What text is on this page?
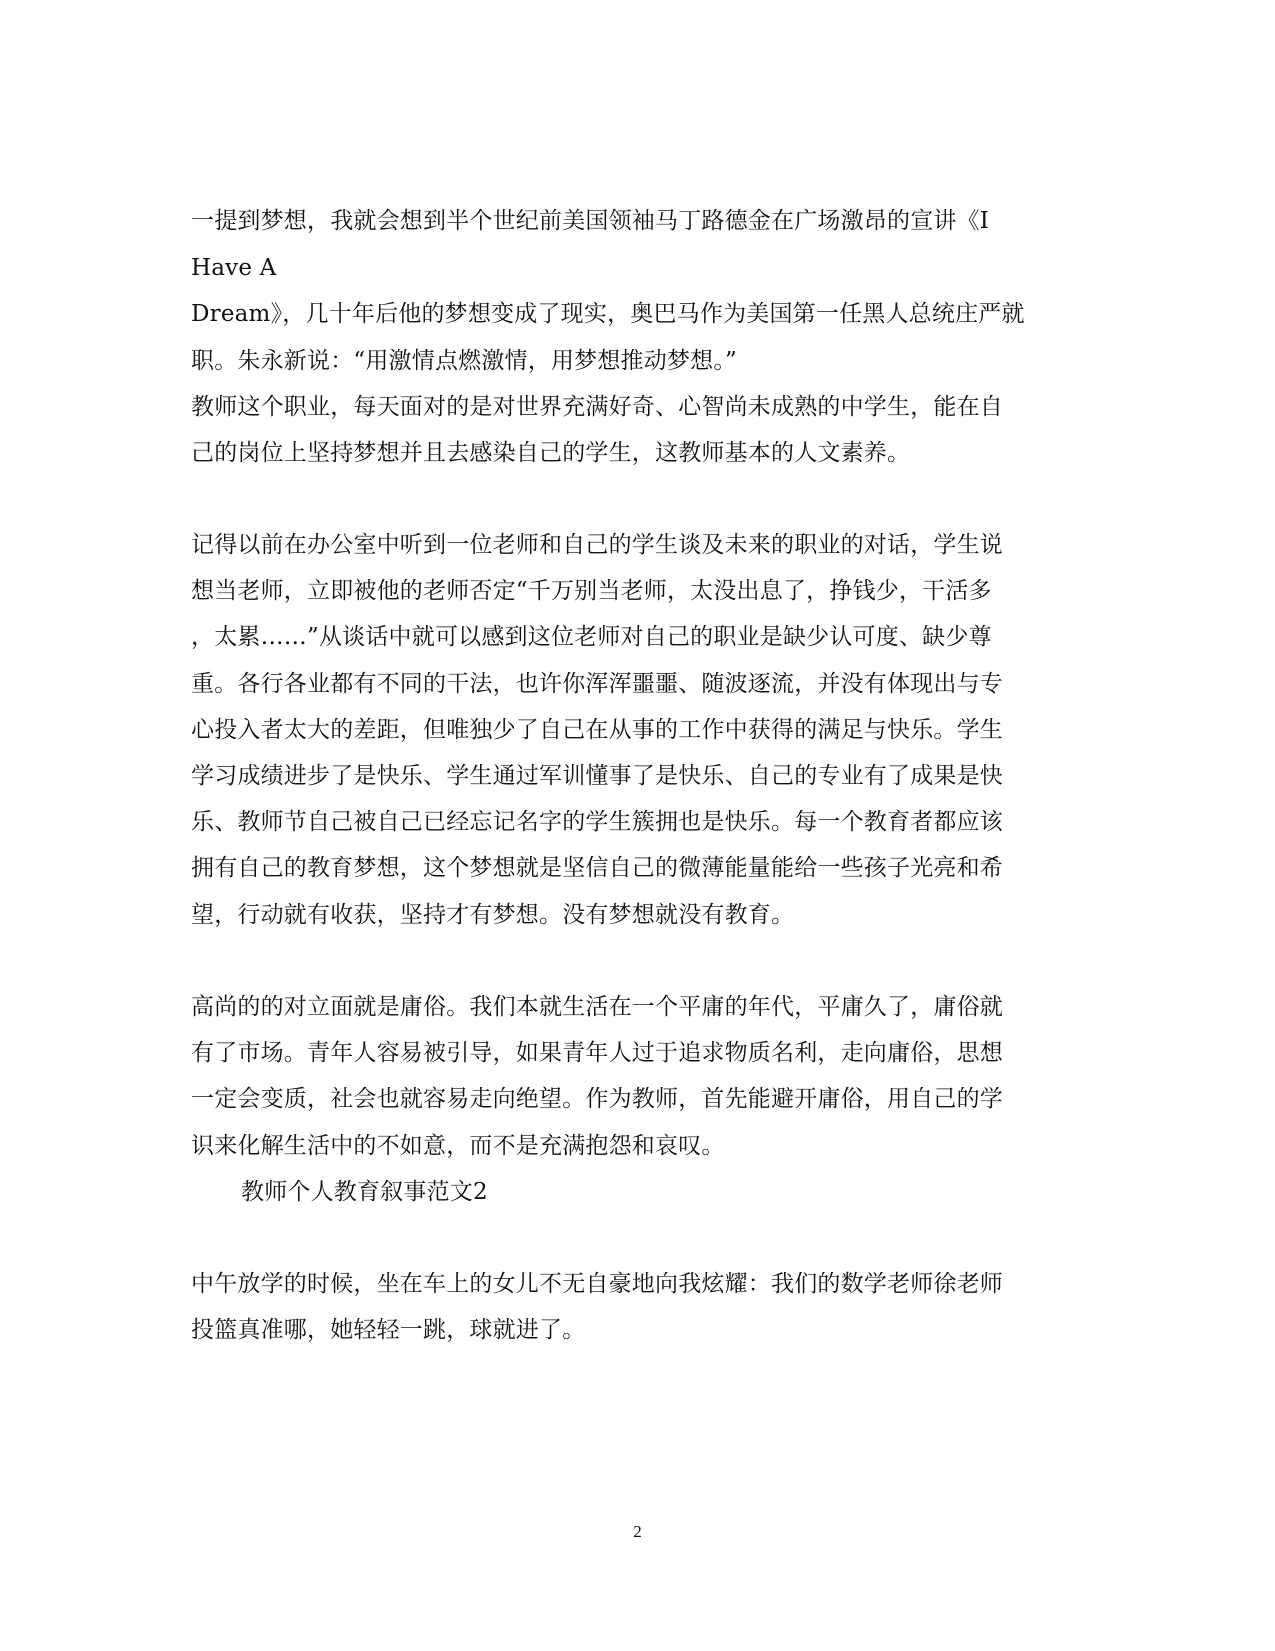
一提到梦想，我就会想到半个世纪前美国领袖马丁路德金在广场激昂的宣讲《I
Have A
Dream》，几十年后他的梦想变成了现实，奥巴马作为美国第一任黑人总统庄严就
职。朱永新说：“用激情点燃激情，用梦想推动梦想。”
教师这个职业，每天面对的是对世界充满好奇、心智尚未成熟的中学生，能在自
己的岗位上坚持梦想并且去感染自己的学生，这教师基本的人文素养。
记得以前在办公室中听到一位老师和自己的学生谈及未来的职业的对话，学生说
想当老师，立即被他的老师否定“千万别当老师，太没出息了，挣钱少，干活多
，太累……”从谈话中就可以感到这位老师对自己的职业是缺少认可度、缺少尊
重。各行各业都有不同的干法，也许你浑浑噩噩、随波逐流，并没有体现出与专
心投入者太大的差距，但唯独少了自己在从事的工作中获得的满足与快乐。学生
学习成绩进步了是快乐、学生通过军训懂事了是快乐、自己的专业有了成果是快
乐、教师节自己被自己已经忘记名字的学生簇拥也是快乐。每一个教育者都应该
拥有自己的教育梦想，这个梦想就是坚信自己的微薄能量能给一些孩子光亮和希
望，行动就有收获，坚持才有梦想。没有梦想就没有教育。
高尚的的对立面就是庸俗。我们本就生活在一个平庸的年代，平庸久了，庸俗就
有了市场。青年人容易被引导，如果青年人过于追求物质名利，走向庸俗，思想
一定会变质，社会也就容易走向绝望。作为教师，首先能避开庸俗，用自己的学
识来化解生活中的不如意，而不是充满抱怨和哀叹。
教师个人教育叙事范文2
中午放学的时候，坐在车上的女儿不无自豪地向我炫耀：我们的数学老师徐老师
投篮真准哪，她轻轻一跳，球就进了。
2
